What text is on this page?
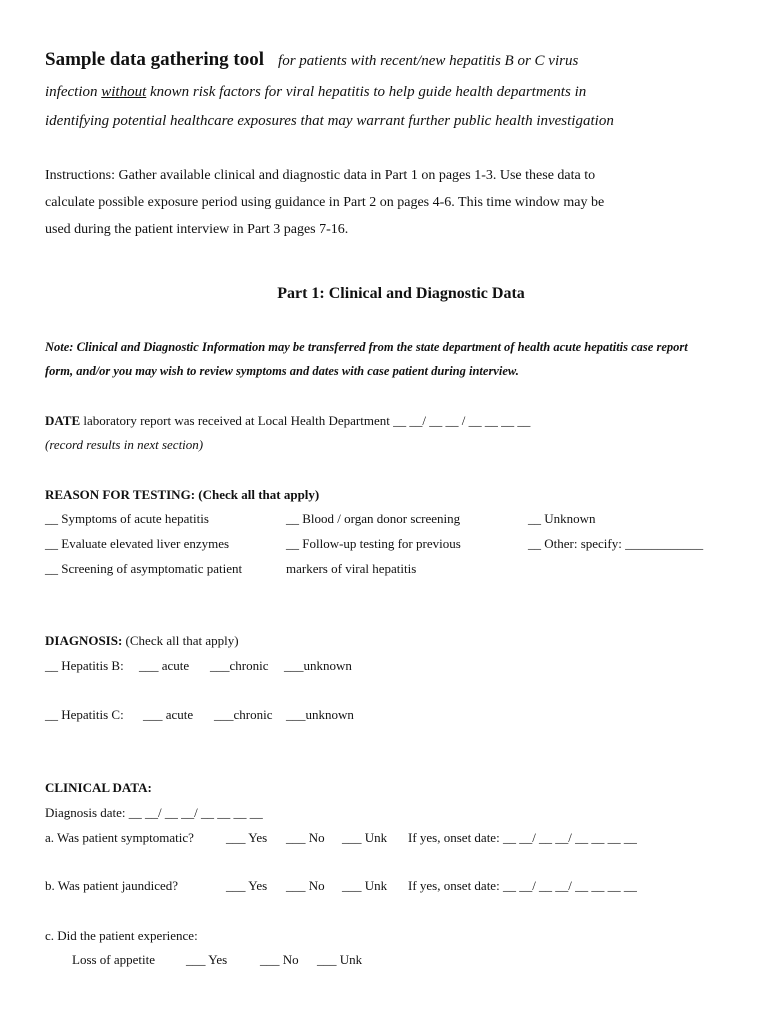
Sample data gathering tool for patients with recent/new hepatitis B or C virus
infection without known risk factors for viral hepatitis to help guide health departments in
identifying potential healthcare exposures that may warrant further public health investigation
Instructions: Gather available clinical and diagnostic data in Part 1 on pages 1-3. Use these data to
calculate possible exposure period using guidance in Part 2 on pages 4-6. This time window may be
used during the patient interview in Part 3 pages 7-16.
Part 1: Clinical and Diagnostic Data
Note: Clinical and Diagnostic Information may be transferred from the state department of health acute hepatitis case report
form, and/or you may wish to review symptoms and dates with case patient during interview.
DATE laboratory report was received at Local Health Department __ __/ __ __ / __ __ __ __
(record results in next section)
REASON FOR TESTING: (Check all that apply)
__ Symptoms of acute hepatitis
__ Evaluate elevated liver enzymes
__ Screening of asymptomatic patient
__ Blood / organ donor screening
__ Follow-up testing for previous
markers of viral hepatitis
__ Unknown
__ Other: specify: ____________
DIAGNOSIS: (Check all that apply)
__ Hepatitis B: ___ acute ___chronic ___unknown
__ Hepatitis C: ___ acute ___chronic ___unknown
CLINICAL DATA:
Diagnosis date: __ __/ __ __/ __ __ __ __
a. Was patient symptomatic? ___ Yes ___ No ___ Unk If yes, onset date: __ __/ __ __/ __ __ __ __
b. Was patient jaundiced?	___ Yes ___ No ___ Unk If yes, onset date: __ __/ __ __/ __ __ __ __
c. Did the patient experience:
Loss of appetite ___ Yes	___ No ___ Unk
